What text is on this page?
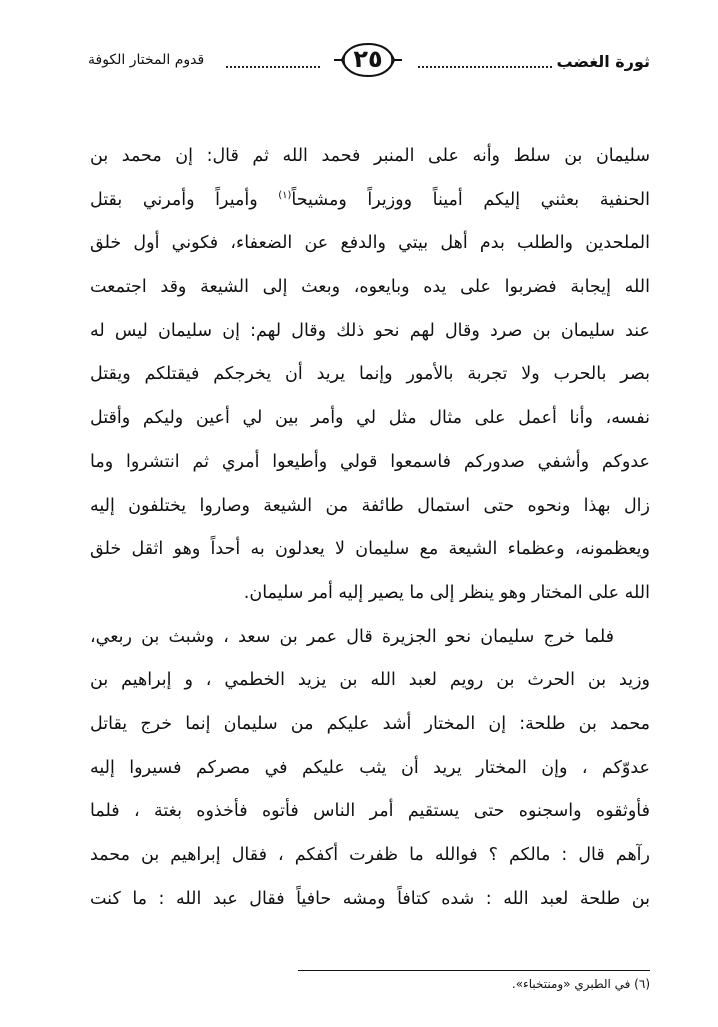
ثورة الغضب
٢٥
قدوم المختار الكوفة
سليمان بن سلط وأنه على المنبر فحمد الله ثم قال: إن محمد بن
الحنفية بعثني إليكم أميناً ووزيراً ومشيحاً$^{(١)}$ وأميراً وأمرني بقتل
الملحدين والطلب بدم أهل بيتي والدفع عن الضعفاء، فكوني أول خلق
الله إيجابة فضربوا على يده وبايعوه، وبعث إلى الشيعة وقد اجتمعت
عند سليمان بن صرد وقال لهم نحو ذلك وقال لهم: إن سليمان ليس له
بصر بالحرب ولا تجربة بالأمور وإنما يريد أن يخرجكم فيقتلكم ويقتل
نفسه، وأنا أعمل على مثال مثل لي وأمر بين لي أعين وليكم وأقتل
عدوكم وأشفي صدوركم فاسمعوا قولي وأطيعوا أمري ثم انتشروا وما
زال بهذا ونحوه حتى استمال طائفة من الشيعة وصاروا يختلفون إليه
ويعظمونه، وعظماء الشيعة مع سليمان لا يعدلون به أحداً وهو اثقل خلق
الله على المختار وهو ينظر إلى ما يصير إليه أمر سليمان.
فلما خرج سليمان نحو الجزيرة قال عمر بن سعد ، وشبث بن ربعي،
وزيد بن الحرث بن رويم لعبد الله بن يزيد الخطمي ، و إبراهيم بن
محمد بن طلحة: إن المختار أشد عليكم من سليمان إنما خرج يقاتل
عدوّكم ، وإن المختار يريد أن يثب عليكم في مصركم فسيروا إليه
فأوثقوه واسجنوه حتى يستقيم أمر الناس فأتوه فأخذوه بغتة ، فلما
رآهم قال : مالكم ؟ فوالله ما ظفرت أكفكم ، فقال إبراهيم بن محمد
بن طلحة لعبد الله : شده كتافاً ومشه حافياً فقال عبد الله : ما كنت
(٦) في الطبري «ومنتخباء».
